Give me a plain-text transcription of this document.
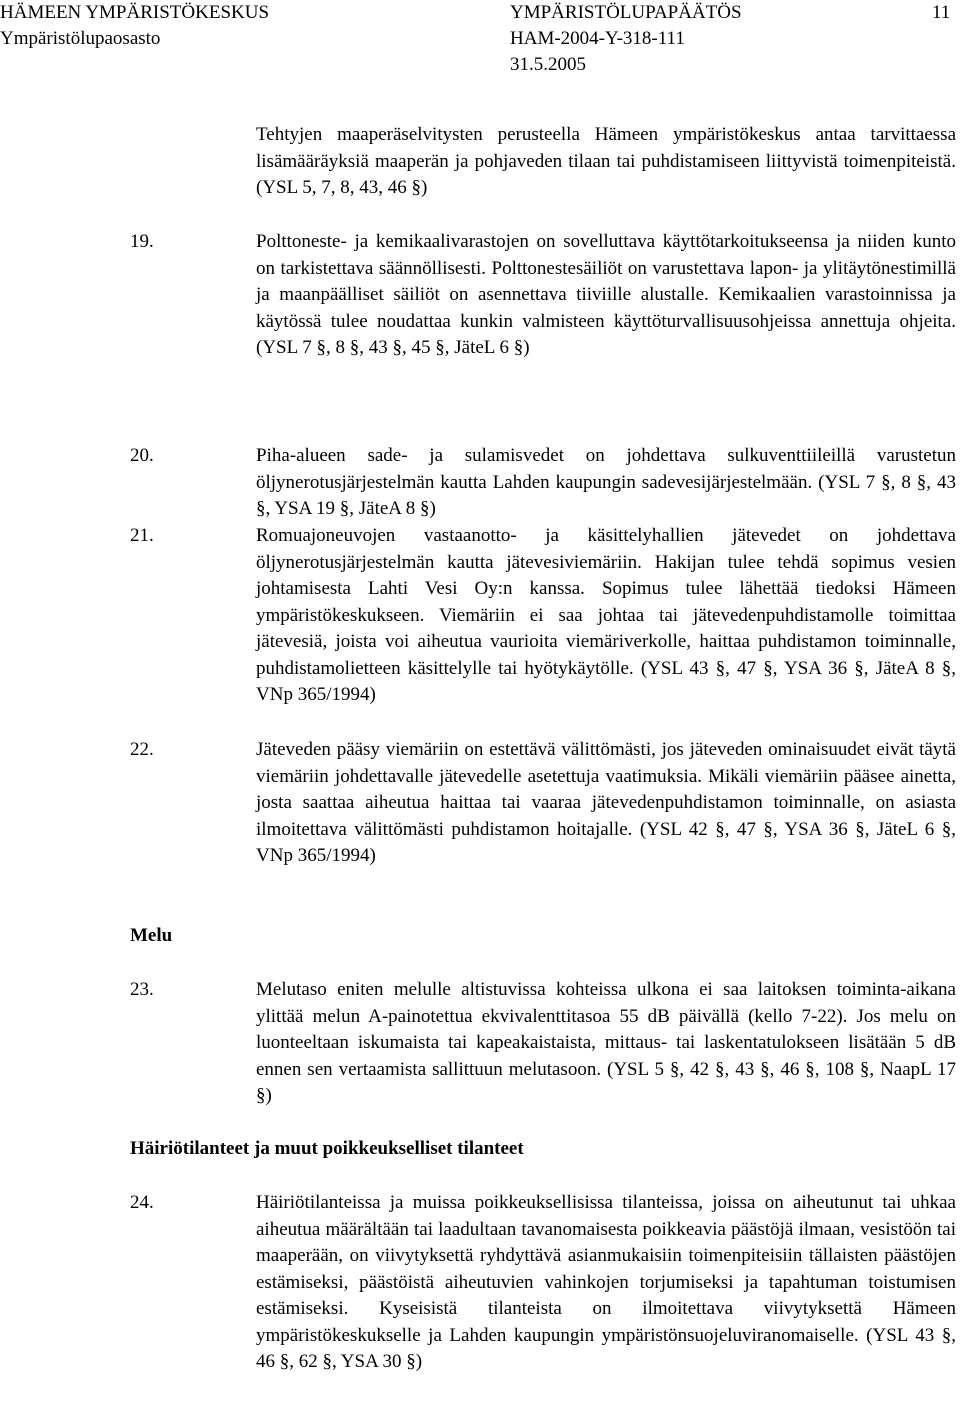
HÄMEEN YMPÄRISTÖKESKUS	YMPÄRISTÖLUPAPÄÄTÖS	11
Ympäristölupaosasto	HAM-2004-Y-318-111
31.5.2005

Tehtyjen maaperäselvitysten perusteella Hämeen ympäristökeskus antaa tarvittaessa lisämääräyksiä maaperän ja pohjaveden tilaan tai puhdistamiseen liittyvistä toimenpiteistä. (YSL 5, 7, 8, 43, 46 §)

19.	Polttoneste- ja kemikaalivarastojen on sovelluttava käyttötarkoitukseensa ja niiden kunto on tarkistettava säännöllisesti. Polttonestesäiliöt on varustettava lapon- ja ylitäytönestimillä ja maanpäälliset säiliöt on asennettava tiiviille alustalle. Kemikaalien varastoinnissa ja käytössä tulee noudattaa kunkin valmisteen käyttöturvallisuusohjeissa annettuja ohjeita. (YSL 7 §, 8 §, 43 §, 45 §, JäteL 6 §)

20.	Piha-alueen sade- ja sulamisvedet on johdettava sulkuventtiileillä varustetun öljynerotusjärjestelmän kautta Lahden kaupungin sadevesijärjestelmään. (YSL 7 §, 8 §, 43 §, YSA 19 §, JäteA 8 §)

21.	Romuajoneuvojen vastaanotto- ja käsittelyhallien jätevedet on johdettava öljynerotusjärjestelmän kautta jätevesiviemäriin. Hakijan tulee tehdä sopimus vesien johtamisesta Lahti Vesi Oy:n kanssa. Sopimus tulee lähettää tiedoksi Hämeen ympäristökeskukseen. Viemäriin ei saa johtaa tai jätevedenpuhdistamolle toimittaa jätevesiä, joista voi aiheutua vaurioita viemäriverkolle, haittaa puhdistamon toiminnalle, puhdistamolietteen käsittelylle tai hyötykäytölle. (YSL 43 §, 47 §, YSA 36 §, JäteA 8 §, VNp 365/1994)

22.	Jäteveden pääsy viemäriin on estettävä välittömästi, jos jäteveden ominaisuudet eivät täytä viemäriin johdettavalle jätevedelle asetettuja vaatimuksia. Mikäli viemäriin pääsee ainetta, josta saattaa aiheutua haittaa tai vaaraa jätevedenpuhdistamon toiminnalle, on asiasta ilmoitettava välittömästi puhdistamon hoitajalle. (YSL 42 §, 47 §, YSA 36 §, JäteL 6 §, VNp 365/1994)

Melu
23.	Melutaso eniten melulle altistuvissa kohteissa ulkona ei saa laitoksen toiminta-aikana ylittää melun A-painotettua ekvivalenttitasoa 55 dB päivällä (kello 7-22). Jos melu on luonteeltaan iskumaista tai kapeakaistaista, mittaus- tai laskentatulokseen lisätään 5 dB ennen sen vertaamista sallittuun melutasoon. (YSL 5 §, 42 §, 43 §, 46 §, 108 §, NaapL 17 §)

Häiriötilanteet ja muut poikkeukselliset tilanteet
24.	Häiriötilanteissa ja muissa poikkeuksellisissa tilanteissa, joissa on aiheutunut tai uhkaa aiheutua määrältään tai laadultaan tavanomaisesta poikkeavia päästöjä ilmaan, vesistöön tai maaperään, on viivytyksettä ryhdyttävä asianmukaisiin toimenpiteisiin tällaisten päästöjen estämiseksi, päästöistä aiheutuvien vahinkojen torjumiseksi ja tapahtuman toistumisen estämiseksi. Kyseisistä tilanteista on ilmoitettava viivytyksettä Hämeen ympäristökeskukselle ja Lahden kaupungin ympäristönsuojeluviranomaiselle. (YSL 43 §, 46 §, 62 §, YSA 30 §)
